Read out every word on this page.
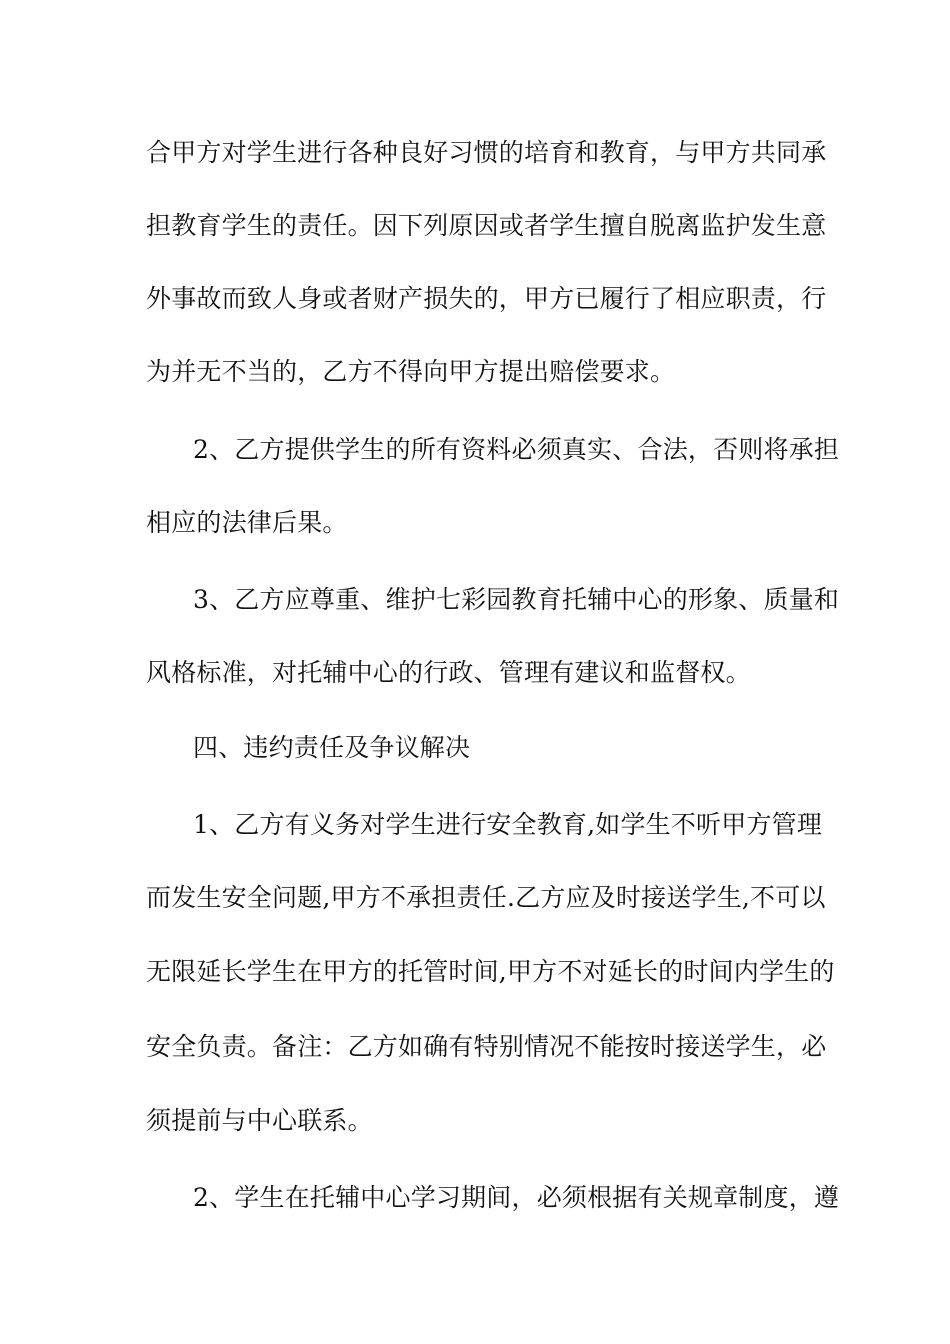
合甲方对学生进行各种良好习惯的培育和教育，与甲方共同承
担教育学生的责任。因下列原因或者学生擅自脱离监护发生意
外事故而致人身或者财产损失的，甲方已履行了相应职责，行
为并无不当的，乙方不得向甲方提出赔偿要求。
2、乙方提供学生的所有资料必须真实、合法，否则将承担
相应的法律后果。
3、乙方应尊重、维护七彩园教育托辅中心的形象、质量和
风格标准，对托辅中心的行政、管理有建议和监督权。
四、违约责任及争议解决
1、乙方有义务对学生进行安全教育,如学生不听甲方管理
而发生安全问题,甲方不承担责任.乙方应及时接送学生,不可以
无限延长学生在甲方的托管时间,甲方不对延长的时间内学生的
安全负责。备注：乙方如确有特别情况不能按时接送学生，必
须提前与中心联系。
2、学生在托辅中心学习期间，必须根据有关规章制度，遵
